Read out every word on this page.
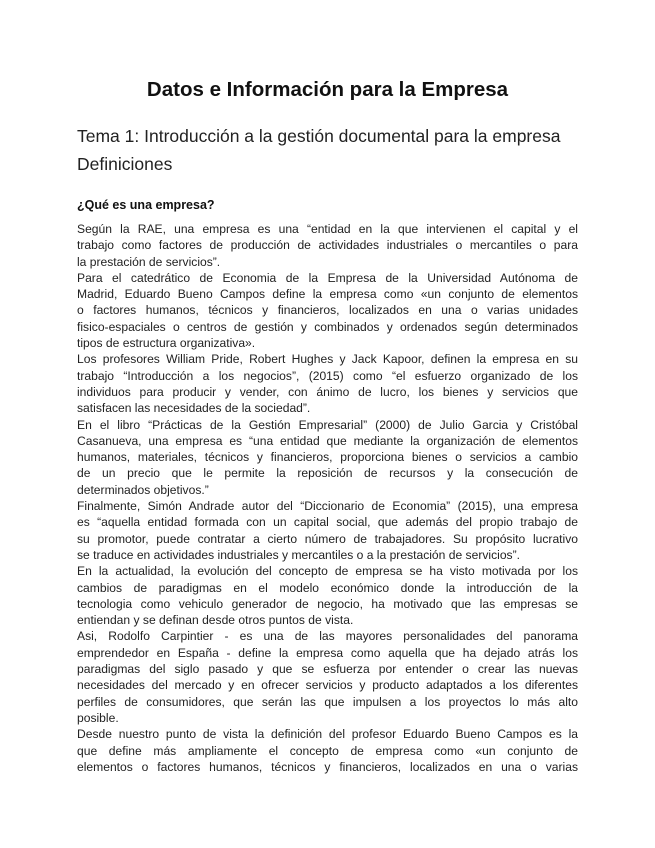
Datos e Información para la Empresa
Tema 1: Introducción a la gestión documental para la empresa
Definiciones
¿Qué es una empresa?
Según la RAE, una empresa es una “entidad en la que intervienen el capital y el
trabajo como factores de producción de actividades industriales o mercantiles o para
la prestación de servicios”.
Para el catedrático de Economia de la Empresa de la Universidad Autónoma de
Madrid, Eduardo Bueno Campos define la empresa como «un conjunto de elementos
o factores humanos, técnicos y financieros, localizados en una o varias unidades
fisico-espaciales o centros de gestión y combinados y ordenados según determinados
tipos de estructura organizativa».
Los profesores William Pride, Robert Hughes y Jack Kapoor, definen la empresa en su
trabajo “Introducción a los negocios”, (2015) como “el esfuerzo organizado de los
individuos para producir y vender, con ánimo de lucro, los bienes y servicios que
satisfacen las necesidades de la sociedad”.
En el libro “Prácticas de la Gestión Empresarial” (2000) de Julio Garcia y Cristóbal
Casanueva, una empresa es “una entidad que mediante la organización de elementos
humanos, materiales, técnicos y financieros, proporciona bienes o servicios a cambio
de un precio que le permite la reposición de recursos y la consecución de
determinados objetivos.”
Finalmente, Simón Andrade autor del “Diccionario de Economia” (2015), una empresa
es “aquella entidad formada con un capital social, que además del propio trabajo de
su promotor, puede contratar a cierto número de trabajadores. Su propósito lucrativo
se traduce en actividades industriales y mercantiles o a la prestación de servicios”.
En la actualidad, la evolución del concepto de empresa se ha visto motivada por los
cambios de paradigmas en el modelo económico donde la introducción de la
tecnologia como vehiculo generador de negocio, ha motivado que las empresas se
entiendan y se definan desde otros puntos de vista.
Asi, Rodolfo Carpintier - es una de las mayores personalidades del panorama
emprendedor en España - define la empresa como aquella que ha dejado atrás los
paradigmas del siglo pasado y que se esfuerza por entender o crear las nuevas
necesidades del mercado y en ofrecer servicios y producto adaptados a los diferentes
perfiles de consumidores, que serán las que impulsen a los proyectos lo más alto
posible.
Desde nuestro punto de vista la definición del profesor Eduardo Bueno Campos es la
que define más ampliamente el concepto de empresa como «un conjunto de
elementos o factores humanos, técnicos y financieros, localizados en una o varias
